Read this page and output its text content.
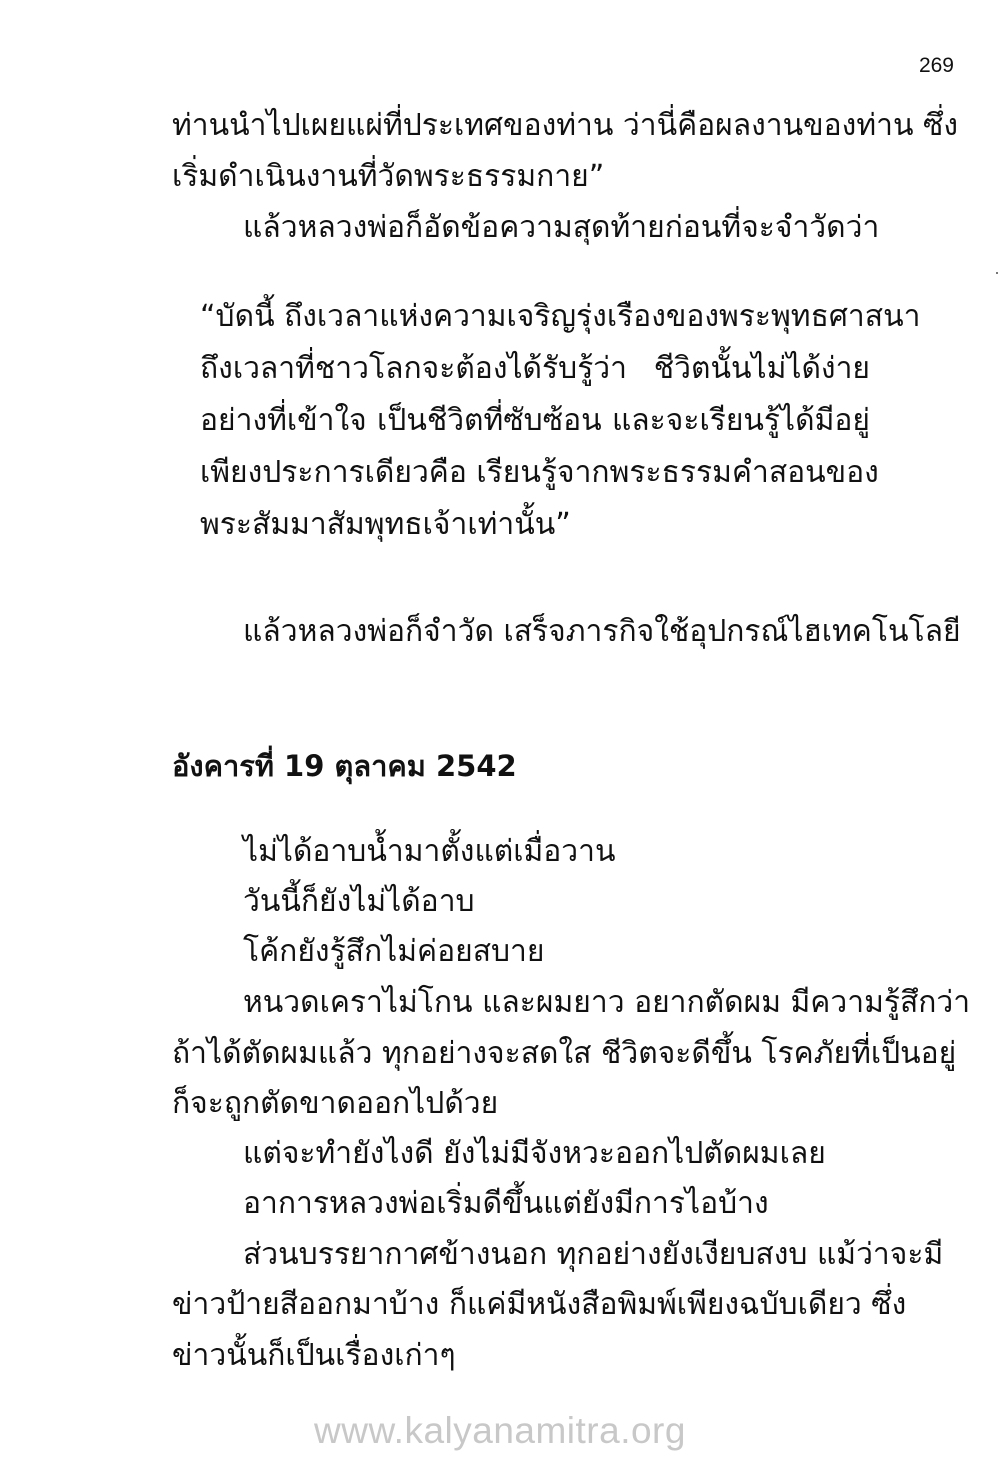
269
ท่านนำไปเผยแผ่ที่ประเทศของท่าน ว่านี่คือผลงานของท่าน ซึ่ง
เริ่มดำเนินงานที่วัดพระธรรมกาย”
แล้วหลวงพ่อก็อัดข้อความสุดท้ายก่อนที่จะจำวัดว่า
“บัดนี้ ถึงเวลาแห่งความเจริญรุ่งเรืองของพระพุทธศาสนา
ถึงเวลาที่ชาวโลกจะต้องได้รับรู้ว่า ชีวิตนั้นไม่ได้ง่าย
อย่างที่เข้าใจ เป็นชีวิตที่ซับซ้อน และจะเรียนรู้ได้มีอยู่
เพียงประการเดียวคือ เรียนรู้จากพระธรรมคำสอนของ
พระสัมมาสัมพุทธเจ้าเท่านั้น”
แล้วหลวงพ่อก็จำวัด เสร็จภารกิจใช้อุปกรณ์ไฮเทคโนโลยี
อังคารที่ 19 ตุลาคม 2542
ไม่ได้อาบน้ำมาตั้งแต่เมื่อวาน
วันนี้ก็ยังไม่ได้อาบ
โค้กยังรู้สึกไม่ค่อยสบาย
หนวดเคราไม่โกน และผมยาว อยากตัดผม มีความรู้สึกว่า
ถ้าได้ตัดผมแล้ว ทุกอย่างจะสดใส ชีวิตจะดีขึ้น โรคภัยที่เป็นอยู่
ก็จะถูกตัดขาดออกไปด้วย
แต่จะทำยังไงดี ยังไม่มีจังหวะออกไปตัดผมเลย
อาการหลวงพ่อเริ่มดีขึ้นแต่ยังมีการไอบ้าง
ส่วนบรรยากาศข้างนอก ทุกอย่างยังเงียบสงบ แม้ว่าจะมี
ข่าวป้ายสีออกมาบ้าง ก็แค่มีหนังสือพิมพ์เพียงฉบับเดียว ซึ่ง
ข่าวนั้นก็เป็นเรื่องเก่าๆ
www.kalyanamitra.org
